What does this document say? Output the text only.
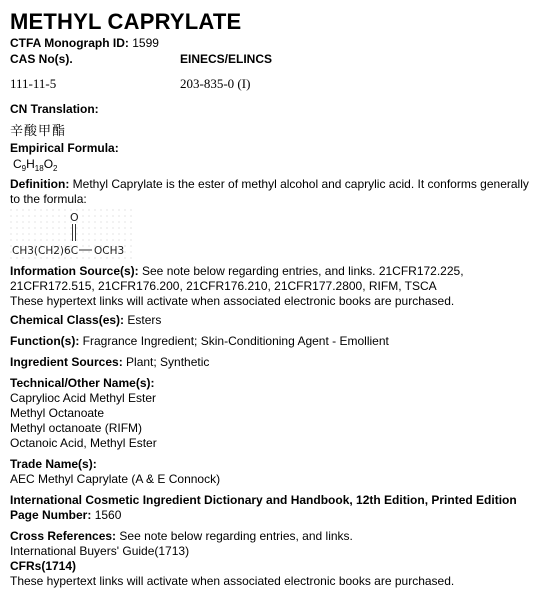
METHYL CAPRYLATE
CTFA Monograph ID: 1599
CAS No(s).	EINECS/ELINCS
111-11-5	203-835-0 (I)
CN Translation:
辛酸甲酯
Empirical Formula:
$C_9H_{18}O_2$
Definition: Methyl Caprylate is the ester of methyl alcohol and caprylic acid. It conforms generally to the formula:
O
CH3(CH2)6C OCH3
Information Source(s): See note below regarding entries, and links. 21CFR172.225,
21CFR172.515, 21CFR176.200, 21CFR176.210, 21CFR177.2800, RIFM, TSCA
These hypertext links will activate when associated electronic books are purchased.
Chemical Class(es): Esters
Function(s): Fragrance Ingredient; Skin-Conditioning Agent - Emollient
Ingredient Sources: Plant; Synthetic
Technical/Other Name(s):
Caprylioc Acid Methyl Ester
Methyl Octanoate
Methyl octanoate (RIFM)
Octanoic Acid, Methyl Ester
Trade Name(s):
AEC Methyl Caprylate (A & E Connock)
International Cosmetic Ingredient Dictionary and Handbook, 12th Edition, Printed Edition
Page Number: 1560
Cross References: See note below regarding entries, and links.
International Buyers' Guide(1713)
CFRs(1714)
These hypertext links will activate when associated electronic books are purchased.
